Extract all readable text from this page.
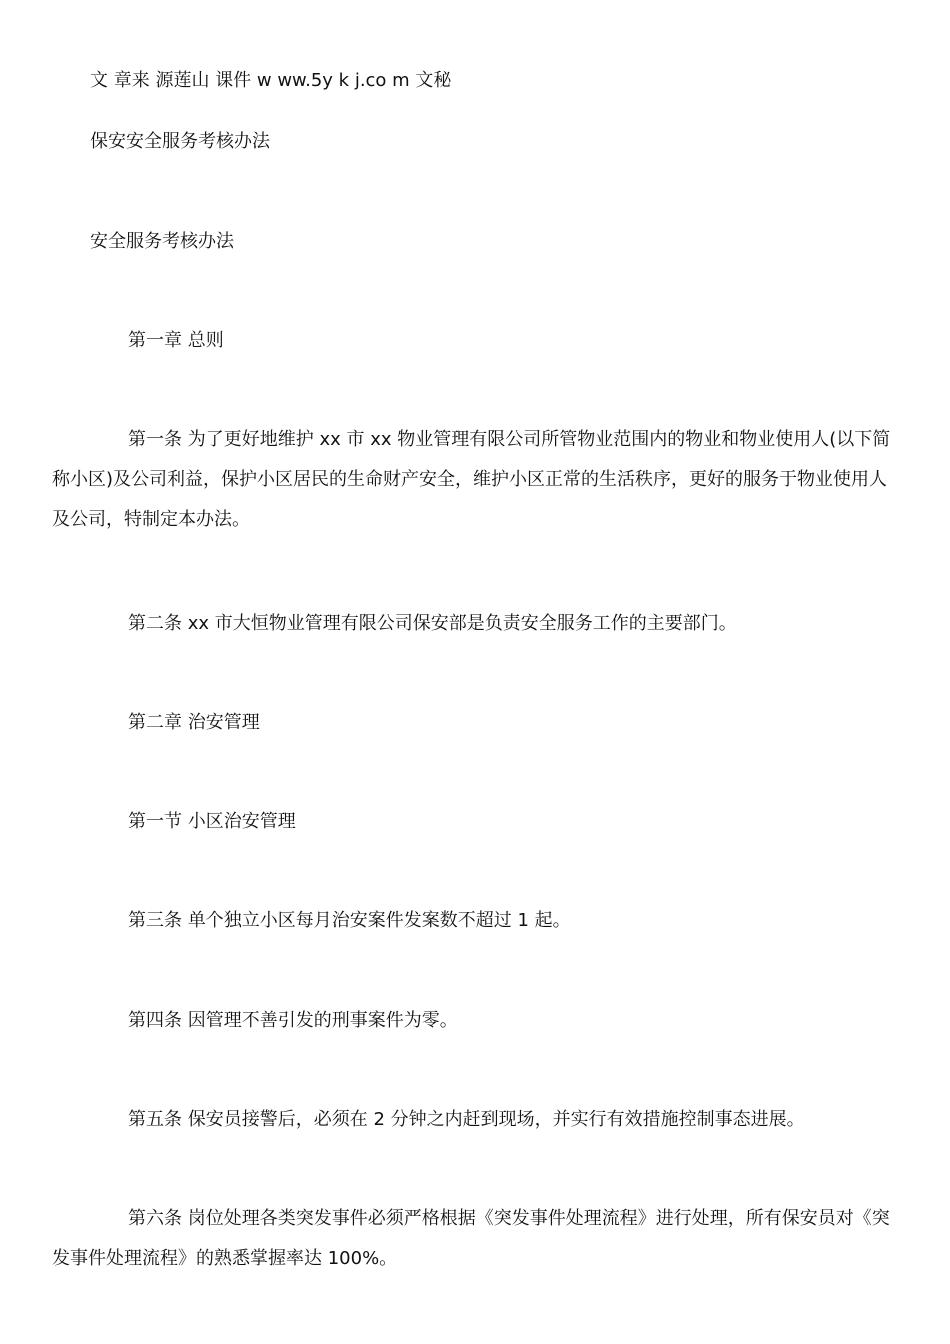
文 章来 源莲山 课件 w ww.5y k j.co m 文秘

保安安全服务考核办法

安全服务考核办法

第一章 总则

第一条 为了更好地维护 xx 市 xx 物业管理有限公司所管物业范围内的物业和物业使用人(以下简称小区)及公司利益，保护小区居民的生命财产安全，维护小区正常的生活秩序，更好的服务于物业使用人及公司，特制定本办法。

第二条 xx 市大恒物业管理有限公司保安部是负责安全服务工作的主要部门。

第二章 治安管理

第一节 小区治安管理

第三条 单个独立小区每月治安案件发案数不超过 1 起。

第四条 因管理不善引发的刑事案件为零。

第五条 保安员接警后，必须在 2 分钟之内赶到现场，并实行有效措施控制事态进展。

第六条 岗位处理各类突发事件必须严格根据《突发事件处理流程》进行处理，所有保安员对《突发事件处理流程》的熟悉掌握率达 100%。
